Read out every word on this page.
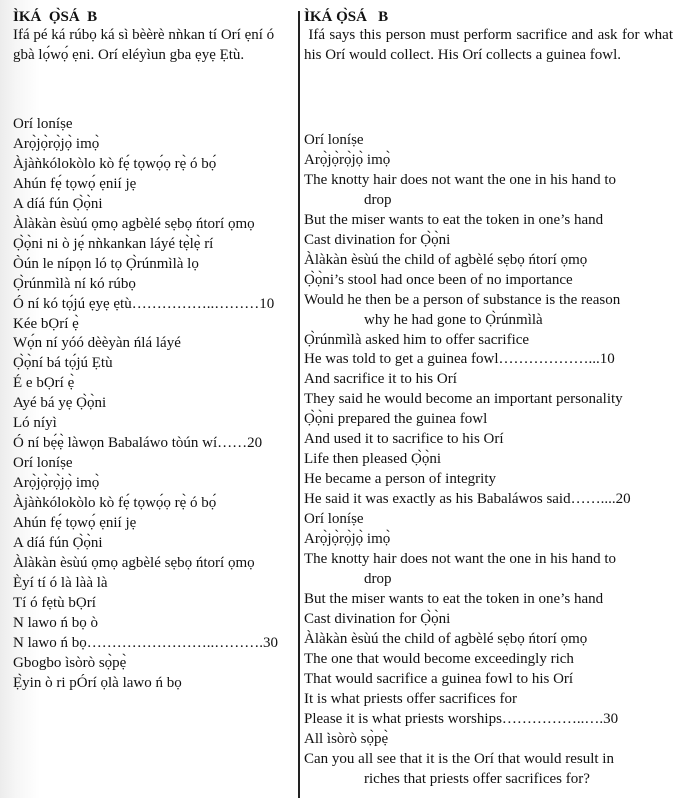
ÌKÁ  Ọ̀SÁ  B
Ifá pé ká rúbọ ká sì bèèrè nǹkan tí Orí ẹní ó gbà lọ́wọ́ ẹni. Orí eléyìun gba ẹyẹ Ẹtù.
Orí loníṣe
Arọ̀jọ̀rọ̀jọ̀ imọ̀
Àjàǹkólokòlo kò fẹ́ tọwọ́ọ rẹ̀ ó bọ́
Ahún fẹ́ tọwọ́ ẹnií jẹ
A díá fún Ọ̀ọ̀ni
Àlàkàn èsùú ọmọ agbèlé sẹbọ ńtorí ọmọ
Ọ̀ọ̀ni ni ò jẹ́ nǹkankan láyé tẹ̀lẹ̀ rí
Òún le nípọn ló tọ Ọ̀rúnmìlà lọ
Ọ̀rúnmìlà ní kó rúbọ
Ó ní kó tọ́jú ẹyẹ ẹtù……………..………10
Kée bỌrí ẹ̀
Wọ́n ní yóó dèèyàn ńlá láyé
Ọ̀ọ̀ní bá tọ́jú Ẹtù
É e bỌrí ẹ̀
Ayé bá yẹ Ọ̀ọ̀ni
Ló níyì
Ó ní bẹ́ẹ̀ làwọn Babaláwo tòún wí……20
Orí loníṣe
Arọ̀jọ̀rọ̀jọ̀ imọ̀
Àjàǹkólokòlo kò fẹ́ tọwọ́ọ rẹ̀ ó bọ́
Ahún fẹ́ tọwọ́ ẹnií jẹ
A díá fún Ọ̀ọ̀ni
Àlàkàn èsùú ọmọ agbèlé sẹbọ ńtorí ọmọ
Èyí tí ó là làà là
Tí ó fẹtù bỌrí
N lawo ń bọ ò
N lawo ń bọ……………………..……….30
Gbogbo ìsòrò sọ̀pẹ̀
Ẹ̀yin ò ri pÓrí ọlà lawo ń bọ
ÌKÁ Ọ̀SÁ   B
Ifá says this person must perform sacrifice and ask for what his Orí would collect. His Orí collects a guinea fowl.
Orí loníṣe
Arọ̀jọ̀rọ̀jọ̀ imọ̀
The knotty hair does not want the one in his hand to
drop
But the miser wants to eat the token in one’s hand
Cast divination for Ọ̀ọ̀ni
Àlàkàn èsùú the child of agbèlé sẹbọ ńtorí ọmọ
Ọ̀ọ̀ni’s stool had once been of no importance
Would he then be a person of substance is the reason
why he had gone to Ọ̀rúnmìlà
Ọ̀rúnmìlà asked him to offer sacrifice
He was told to get a guinea fowl………………...10
And sacrifice it to his Orí
They said he would become an important personality
Ọ̀ọ̀ni prepared the guinea fowl
And used it to sacrifice to his Orí
Life then pleased Ọ̀ọ̀ni
He became a person of integrity
He said it was exactly as his Babaláwos said……....20
Orí loníṣe
Arọ̀jọ̀rọ̀jọ̀ imọ̀
The knotty hair does not want the one in his hand to
drop
But the miser wants to eat the token in one’s hand
Cast divination for Ọ̀ọ̀ni
Àlàkàn èsùú the child of agbèlé sẹbọ ńtorí ọmọ
The one that would become exceedingly rich
That would sacrifice a guinea fowl to his Orí
It is what priests offer sacrifices for
Please it is what priests worships……………..….30
All ìsòrò sọ̀pẹ̀
Can you all see that it is the Orí that would result in
riches that priests offer sacrifices for?
